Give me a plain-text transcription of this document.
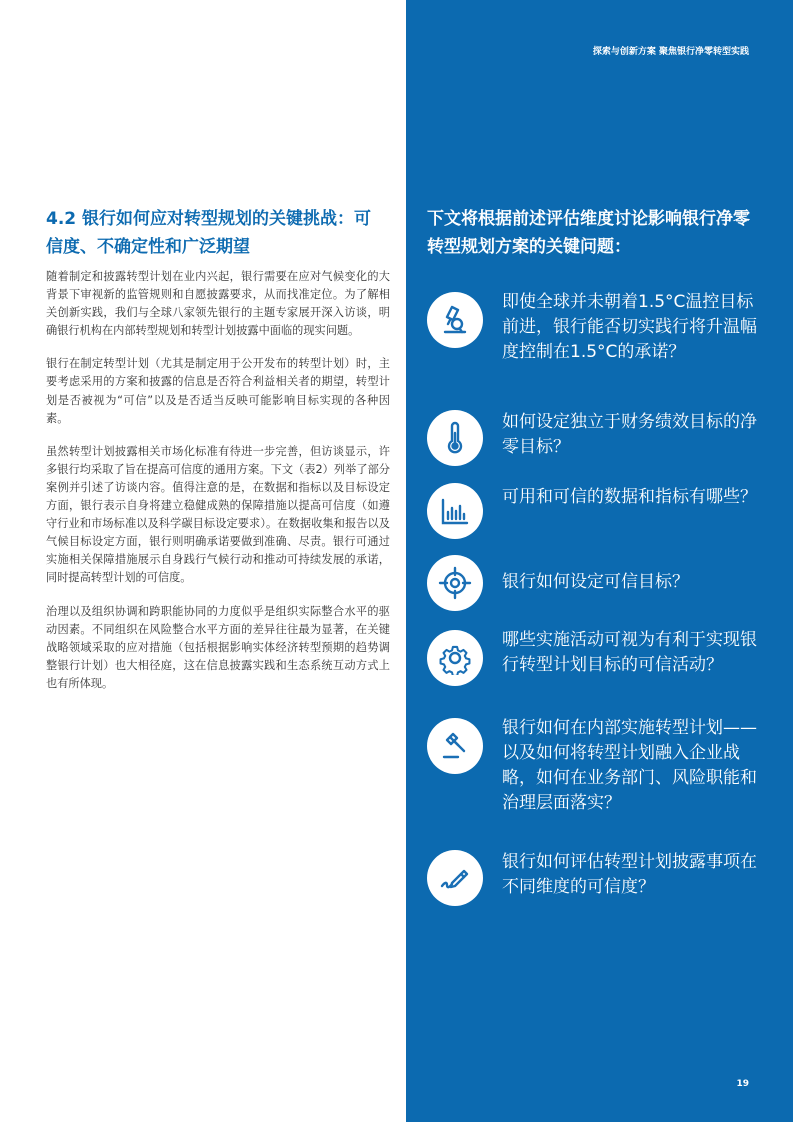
探索与创新方案 聚焦银行净零转型实践
4.2 银行如何应对转型规划的关键挑战：可信度、不确定性和广泛期望

随着制定和披露转型计划在业内兴起，银行需要在应对气候变化的大背景下审视新的监管规则和自愿披露要求，从而找准定位。为了解相关创新实践，我们与全球八家领先银行的主题专家展开深入访谈，明确银行机构在内部转型规划和转型计划披露中面临的现实问题。

银行在制定转型计划（尤其是制定用于公开发布的转型计划）时，主要考虑采用的方案和披露的信息是否符合利益相关者的期望，转型计划是否被视为“可信”以及是否适当反映可能影响目标实现的各种因素。

虽然转型计划披露相关市场化标准有待进一步完善，但访谈显示，许多银行均采取了旨在提高可信度的通用方案。下文（表2）列举了部分案例并引述了访谈内容。值得注意的是，在数据和指标以及目标设定方面，银行表示自身将建立稳健成熟的保障措施以提高可信度（如遵守行业和市场标准以及科学碳目标设定要求）。在数据收集和报告以及气候目标设定方面，银行则明确承诺要做到准确、尽责。银行可通过实施相关保障措施展示自身践行气候行动和推动可持续发展的承诺，同时提高转型计划的可信度。

治理以及组织协调和跨职能协同的力度似乎是组织实际整合水平的驱动因素。不同组织在风险整合水平方面的差异往往最为显著，在关键战略领域采取的应对措施（包括根据影响实体经济转型预期的趋势调整银行计划）也大相径庭，这在信息披露实践和生态系统互动方式上也有所体现。

下文将根据前述评估维度讨论影响银行净零转型规划方案的关键问题：
即使全球并未朝着1.5°C温控目标前进，银行能否切实践行将升温幅度控制在1.5°C的承诺？
如何设定独立于财务绩效目标的净零目标？
可用和可信的数据和指标有哪些？
银行如何设定可信目标？
哪些实施活动可视为有利于实现银行转型计划目标的可信活动？
银行如何在内部实施转型计划——以及如何将转型计划融入企业战略，如何在业务部门、风险职能和治理层面落实？
银行如何评估转型计划披露事项在不同维度的可信度？
19
